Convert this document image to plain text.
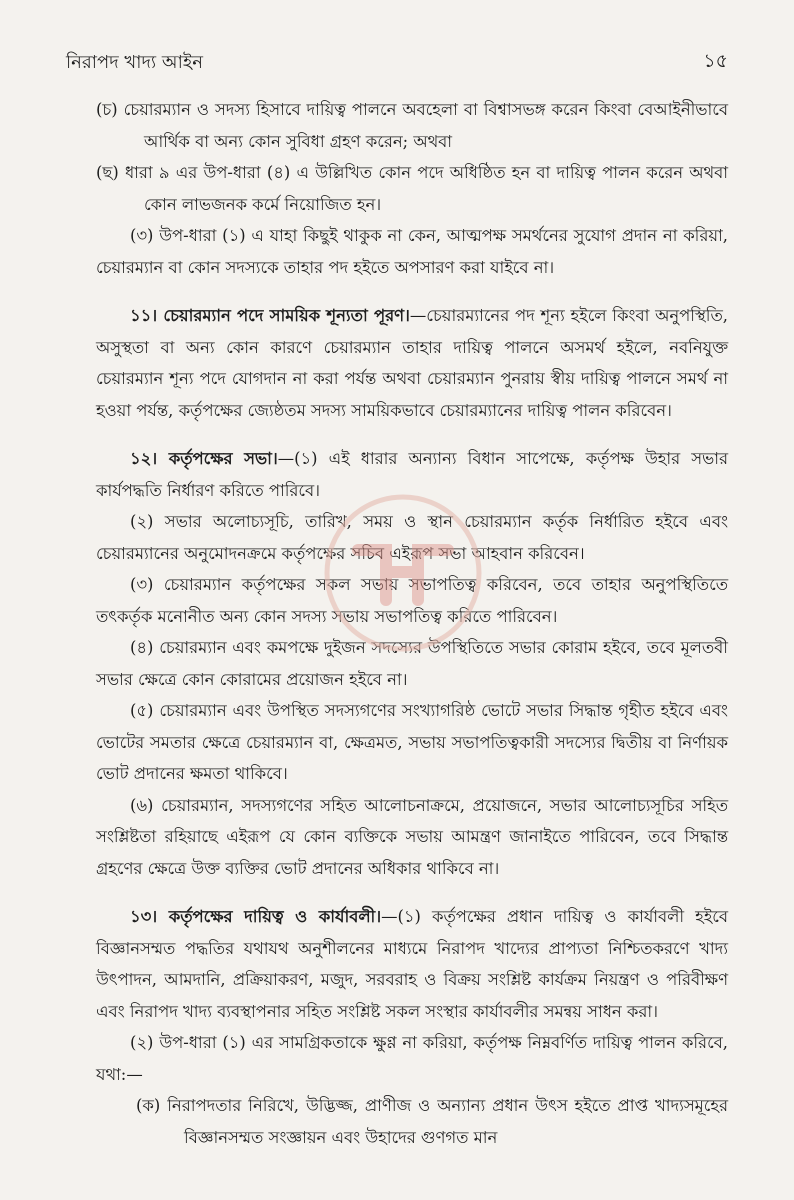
নিরাপদ খাদ্য আইন	১৫

(চ) চেয়ারম্যান ও সদস্য হিসাবে দায়িত্ব পালনে অবহেলা বা বিশ্বাসভঙ্গ করেন কিংবা বেআইনীভাবে আর্থিক বা অন্য কোন সুবিধা গ্রহণ করেন; অথবা

(ছ) ধারা ৯ এর উপ-ধারা (৪) এ উল্লিখিত কোন পদে অধিষ্ঠিত হন বা দায়িত্ব পালন করেন অথবা কোন লাভজনক কর্মে নিয়োজিত হন।

(৩) উপ-ধারা (১) এ যাহা কিছুই থাকুক না কেন, আত্মপক্ষ সমর্থনের সুযোগ প্রদান না করিয়া, চেয়ারম্যান বা কোন সদস্যকে তাহার পদ হইতে অপসারণ করা যাইবে না।

১১। চেয়ারম্যান পদে সাময়িক শূন্যতা পূরণ।—চেয়ারম্যানের পদ শূন্য হইলে কিংবা অনুপস্থিতি, অসুস্থতা বা অন্য কোন কারণে চেয়ারম্যান তাহার দায়িত্ব পালনে অসমর্থ হইলে, নবনিযুক্ত চেয়ারম্যান শূন্য পদে যোগদান না করা পর্যন্ত অথবা চেয়ারম্যান পুনরায় স্বীয় দায়িত্ব পালনে সমর্থ না হওয়া পর্যন্ত, কর্তৃপক্ষের জ্যেষ্ঠতম সদস্য সাময়িকভাবে চেয়ারম্যানের দায়িত্ব পালন করিবেন।

১২। কর্তৃপক্ষের সভা।—(১) এই ধারার অন্যান্য বিধান সাপেক্ষে, কর্তৃপক্ষ উহার সভার কার্যপদ্ধতি নির্ধারণ করিতে পারিবে।

(২) সভার অলোচ্যসূচি, তারিখ, সময় ও স্থান চেয়ারম্যান কর্তৃক নির্ধারিত হইবে এবং চেয়ারম্যানের অনুমোদনক্রমে কর্তৃপক্ষের সচিব এইরূপ সভা আহবান করিবেন।

(৩) চেয়ারম্যান কর্তৃপক্ষের সকল সভায় সভাপতিত্ব করিবেন, তবে তাহার অনুপস্থিতিতে তৎকর্তৃক মনোনীত অন্য কোন সদস্য সভায় সভাপতিত্ব করিতে পারিবেন।

(৪) চেয়ারম্যান এবং কমপক্ষে দুইজন সদস্যের উপস্থিতিতে সভার কোরাম হইবে, তবে মূলতবী সভার ক্ষেত্রে কোন কোরামের প্রয়োজন হইবে না।

(৫) চেয়ারম্যান এবং উপস্থিত সদস্যগণের সংখ্যাগরিষ্ঠ ভোটে সভার সিদ্ধান্ত গৃহীত হইবে এবং ভোটের সমতার ক্ষেত্রে চেয়ারম্যান বা, ক্ষেত্রমত, সভায় সভাপতিত্বকারী সদস্যের দ্বিতীয় বা নির্ণায়ক ভোট প্রদানের ক্ষমতা থাকিবে।

(৬) চেয়ারম্যান, সদস্যগণের সহিত আলোচনাক্রমে, প্রয়োজনে, সভার আলোচ্যসূচির সহিত সংশ্লিষ্টতা রহিয়াছে এইরূপ যে কোন ব্যক্তিকে সভায় আমন্ত্রণ জানাইতে পারিবেন, তবে সিদ্ধান্ত গ্রহণের ক্ষেত্রে উক্ত ব্যক্তির ভোট প্রদানের অধিকার থাকিবে না।

১৩। কর্তৃপক্ষের দায়িত্ব ও কার্যাবলী।—(১) কর্তৃপক্ষের প্রধান দায়িত্ব ও কার্যাবলী হইবে বিজ্ঞানসম্মত পদ্ধতির যথাযথ অনুশীলনের মাধ্যমে নিরাপদ খাদ্যের প্রাপ্যতা নিশ্চিতকরণে খাদ্য উৎপাদন, আমদানি, প্রক্রিয়াকরণ, মজুদ, সরবরাহ ও বিক্রয় সংশ্লিষ্ট কার্যক্রম নিয়ন্ত্রণ ও পরিবীক্ষণ এবং নিরাপদ খাদ্য ব্যবস্থাপনার সহিত সংশ্লিষ্ট সকল সংস্থার কার্যাবলীর সমন্বয় সাধন করা।

(২) উপ-ধারা (১) এর সামগ্রিকতাকে ক্ষুণ্ণ না করিয়া, কর্তৃপক্ষ নিম্নবর্ণিত দায়িত্ব পালন করিবে, যথা:—

(ক) নিরাপদতার নিরিখে, উদ্ভিজ্জ, প্রাণীজ ও অন্যান্য প্রধান উৎস হইতে প্রাপ্ত খাদ্যসমূহের বিজ্ঞানসম্মত সংজ্ঞায়ন এবং উহাদের গুণগত মান
